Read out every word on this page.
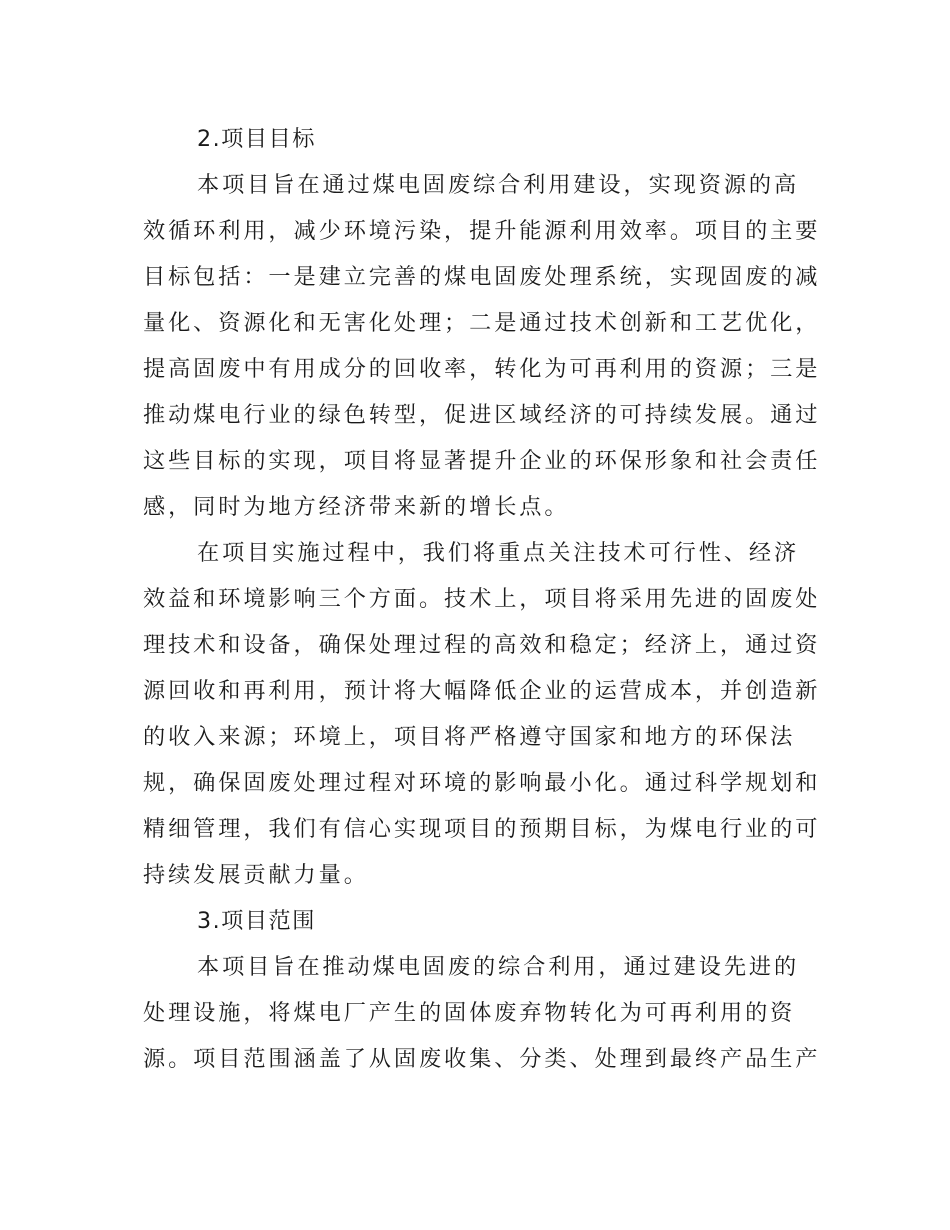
2.项目目标
本项目旨在通过煤电固废综合利用建设，实现资源的高
效循环利用，减少环境污染，提升能源利用效率。项目的主要
目标包括：一是建立完善的煤电固废处理系统，实现固废的减
量化、资源化和无害化处理；二是通过技术创新和工艺优化，
提高固废中有用成分的回收率，转化为可再利用的资源；三是
推动煤电行业的绿色转型，促进区域经济的可持续发展。通过
这些目标的实现，项目将显著提升企业的环保形象和社会责任
感，同时为地方经济带来新的增长点。
在项目实施过程中，我们将重点关注技术可行性、经济
效益和环境影响三个方面。技术上，项目将采用先进的固废处
理技术和设备，确保处理过程的高效和稳定；经济上，通过资
源回收和再利用，预计将大幅降低企业的运营成本，并创造新
的收入来源；环境上，项目将严格遵守国家和地方的环保法
规，确保固废处理过程对环境的影响最小化。通过科学规划和
精细管理，我们有信心实现项目的预期目标，为煤电行业的可
持续发展贡献力量。
3.项目范围
本项目旨在推动煤电固废的综合利用，通过建设先进的
处理设施，将煤电厂产生的固体废弃物转化为可再利用的资
源。项目范围涵盖了从固废收集、分类、处理到最终产品生产
